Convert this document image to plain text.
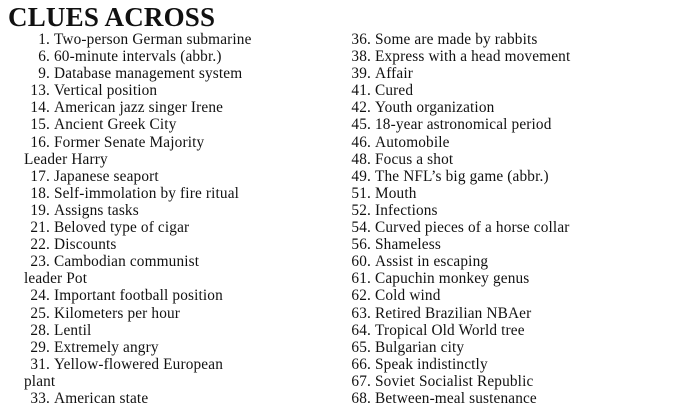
CLUES ACROSS
1. Two-person German submarine
6. 60-minute intervals (abbr.)
9. Database management system
13. Vertical position
14. American jazz singer Irene
15. Ancient Greek City
16. Former Senate Majority
Leader Harry
17. Japanese seaport
18. Self-immolation by fire ritual
19. Assigns tasks
21. Beloved type of cigar
22. Discounts
23. Cambodian communist
leader Pot
24. Important football position
25. Kilometers per hour
28. Lentil
29. Extremely angry
31. Yellow-flowered European
plant
33. American state
36. Some are made by rabbits
38. Express with a head movement
39. Affair
41. Cured
42. Youth organization
45. 18-year astronomical period
46. Automobile
48. Focus a shot
49. The NFL’s big game (abbr.)
51. Mouth
52. Infections
54. Curved pieces of a horse collar
56. Shameless
60. Assist in escaping
61. Capuchin monkey genus
62. Cold wind
63. Retired Brazilian NBAer
64. Tropical Old World tree
65. Bulgarian city
66. Speak indistinctly
67. Soviet Socialist Republic
68. Between-meal sustenance
